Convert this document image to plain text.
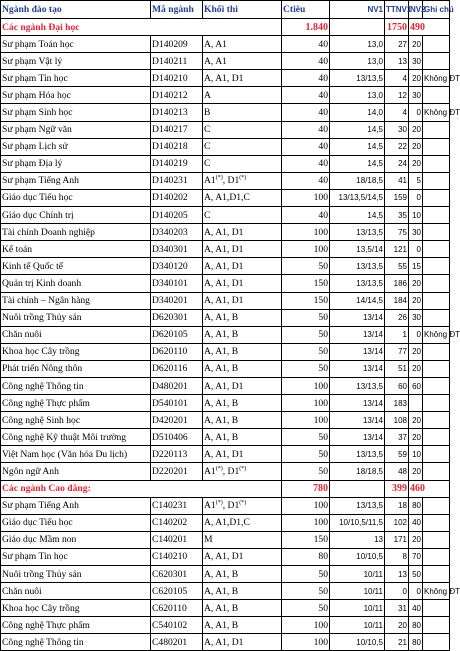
Ngành đào tạo	Mã ngành	Khối thi	Ctiêu	NV1	TTNV1	NV2	Ghi chú
Các ngành Đại học			1.840		1750	490	
Sư phạm Toán học	D140209	A, A1	40	13,0	27	20	
Sư phạm Vật lý	D140211	A, A1	40	13,0	13	30	
Sư phạm Tin học	D140210	A, A1, D1	40	13/13,5	4	20	Không ĐT
Sư phạm Hóa học	D140212	A	40	13,0	12	30	
Sư phạm Sinh học	D140213	B	40	14,0	4	0	Không ĐT
Sư phạm Ngữ văn	D140217	C	40	14,5	30	20	
Sư phạm Lịch sử	D140218	C	40	14,5	22	20	
Sư phạm Địa lý	D140219	C	40	14,5	24	20	
Sư phạm Tiếng Anh	D140231	A1(*), D1(*)	40	18/18,5	41	5	
Giáo dục Tiểu học	D140202	A, A1,D1,C	100	13/13,5/14,5	159	0	
Giáo dục Chính trị	D140205	C	40	14,5	35	10	
Tài chính Doanh nghiệp	D340203	A, A1, D1	100	13/13,5	75	30	
Kế toán	D340301	A, A1, D1	100	13,5/14	121	0	
Kinh tế Quốc tế	D340120	A, A1, D1	50	13/13,5	55	15	
Quản trị Kinh doanh	D340101	A, A1, D1	150	13/13,5	186	20	
Tài chính – Ngân hàng	D340201	A, A1, D1	150	14/14,5	184	20	
Nuôi trồng Thủy sản	D620301	A, A1, B	50	13/14	26	30	
Chăn nuôi	D620105	A, A1, B	50	13/14	1	0	Không ĐT
Khoa học Cây trồng	D620110	A, A1, B	50	13/14	77	20	
Phát triển Nông thôn	D620116	A, A1, B	50	13/14	51	20	
Công nghệ Thông tin	D480201	A, A1, D1	100	13/13,5	60	60	
Công nghệ Thực phẩm	D540101	A, A1, B	100	13/14	183		
Công nghệ Sinh học	D420201	A, A1, B	100	13/14	108	20	
Công nghệ Kỹ thuật Môi trường	D510406	A, A1, B	50	13/14	37	20	
Việt Nam học (Văn hóa Du lịch)	D220113	A, A1, D1	50	13/13,5	59	10	
Ngôn ngữ Anh	D220201	A1(*), D1(*)	50	18/18,5	48	20	
Các ngành Cao đẳng:			780		399	460	
Sư phạm Tiếng Anh	C140231	A1(*), D1(*)	100	13/13,5	18	80	
Giáo dục Tiểu học	C140202	A, A1,D1,C	100	10/10,5/11,5	102	40	
Giáo dục Mầm non	C140201	M	150	13	171	20	
Sư phạm Tin học	C140210	A, A1, D1	80	10/10,5	8	70	
Nuôi trồng Thủy sản	C620301	A, A1, B	50	10/11	13	50	
Chăn nuôi	C620105	A, A1, B	50	10/11	0	0	Không ĐT
Khoa học Cây trồng	C620110	A, A1, B	50	10/11	31	40	
Công nghệ Thực phẩm	C540102	A, A1, B	100	10/11	20	80	
Công nghệ Thông tin	C480201	A, A1, D1	100	10/10,5	21	80	
